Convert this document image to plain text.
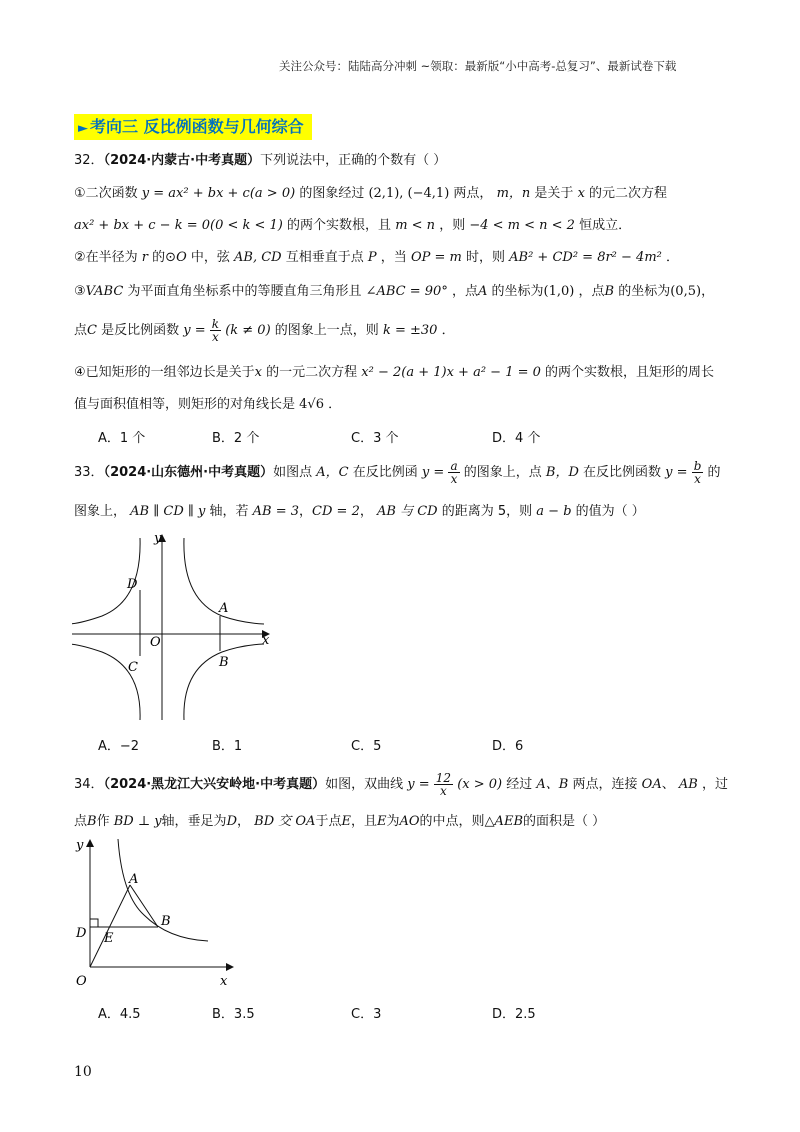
关注公众号：陆陆高分冲刺 ~领取：最新版“小中高考-总复习”、最新试卷下载
► 考向三 反比例函数与几何综合
32．（2024·内蒙古·中考真题）下列说法中，正确的个数有（ ）
①二次函数 y = ax² + bx + c(a > 0) 的图象经过 (2,1), (−4,1) 两点， m，n 是关于 x 的元二次方程
ax² + bx + c − k = 0(0 < k < 1) 的两个实数根，且 m < n ，则 −4 < m < n < 2 恒成立．
②在半径为 r 的⊙O 中，弦 AB, CD 互相垂直于点 P ，当 OP = m 时，则 AB² + CD² = 8r² − 4m² ．
③VABC 为平面直角坐标系中的等腰直角三角形且 ∠ABC = 90° ，点A 的坐标为(1,0) ，点B 的坐标为(0,5)，
点C 是反比例函数 $y = \frac{k}{x} (k \ne 0)$ 的图象上一点，则 k = ±30 ．
④已知矩形的一组邻边长是关于x 的一元二次方程 x² − 2(a + 1)x + a² − 1 = 0 的两个实数根，且矩形的周长
值与面积值相等，则矩形的对角线长是 4√6 ．
A．1 个	B．2 个	C．3 个	D．4 个
33．（2024·山东德州·中考真题）如图点 A，C 在反比例函 $y = \frac{a}{x}$ 的图象上，点 B，D 在反比例函数 $y = \frac{b}{x}$ 的
图象上， AB ∥ CD ∥ y 轴，若 AB = 3，CD = 2， AB 与 CD 的距离为 5，则 a − b 的值为（ ）
x
y
O
A
B
C
D
A．−2	B．1	C．5	D．6
34．（2024·黑龙江大兴安岭地·中考真题）如图，双曲线 $y = \frac{12}{x} (x > 0)$ 经过 A、B 两点，连接 OA、 AB ，过
点B作 BD ⊥ y轴，垂足为D， BD 交 OA于点E，且E为AO的中点，则△AEB的面积是（ ）
x
y
O
A
B
D E
A．4.5	B．3.5	C．3	D．2.5
10
